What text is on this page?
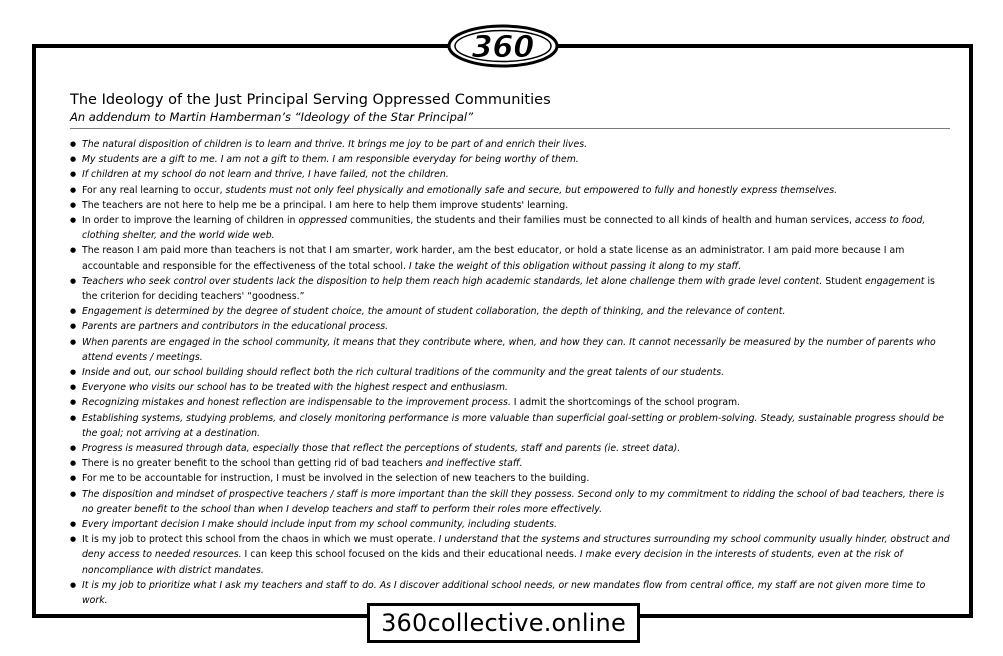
360
The Ideology of the Just Principal Serving Oppressed Communities
An addendum to Martin Hamberman’s “Ideology of the Star Principal”
● The natural disposition of children is to learn and thrive. It brings me joy to be part of and enrich their lives.
● My students are a gift to me. I am not a gift to them. I am responsible everyday for being worthy of them.
● If children at my school do not learn and thrive, I have failed, not the children.
● For any real learning to occur, students must not only feel physically and emotionally safe and secure, but empowered to fully and honestly express themselves.
● The teachers are not here to help me be a principal. I am here to help them improve students' learning.
● In order to improve the learning of children in oppressed communities, the students and their families must be connected to all kinds of health and human services, access to food, clothing shelter, and the world wide web.
● The reason I am paid more than teachers is not that I am smarter, work harder, am the best educator, or hold a state license as an administrator. I am paid more because I am accountable and responsible for the effectiveness of the total school. I take the weight of this obligation without passing it along to my staff.
● Teachers who seek control over students lack the disposition to help them reach high academic standards, let alone challenge them with grade level content. Student engagement is the criterion for deciding teachers' “goodness.”
● Engagement is determined by the degree of student choice, the amount of student collaboration, the depth of thinking, and the relevance of content.
● Parents are partners and contributors in the educational process.
● When parents are engaged in the school community, it means that they contribute where, when, and how they can. It cannot necessarily be measured by the number of parents who attend events / meetings.
● Inside and out, our school building should reflect both the rich cultural traditions of the community and the great talents of our students.
● Everyone who visits our school has to be treated with the highest respect and enthusiasm.
● Recognizing mistakes and honest reflection are indispensable to the improvement process. I admit the shortcomings of the school program.
● Establishing systems, studying problems, and closely monitoring performance is more valuable than superficial goal-setting or problem-solving. Steady, sustainable progress should be the goal; not arriving at a destination.
● Progress is measured through data, especially those that reflect the perceptions of students, staff and parents (ie. street data).
● There is no greater benefit to the school than getting rid of bad teachers and ineffective staff.
● For me to be accountable for instruction, I must be involved in the selection of new teachers to the building.
● The disposition and mindset of prospective teachers / staff is more important than the skill they possess. Second only to my commitment to ridding the school of bad teachers, there is no greater benefit to the school than when I develop teachers and staff to perform their roles more effectively.
● Every important decision I make should include input from my school community, including students.
● It is my job to protect this school from the chaos in which we must operate. I understand that the systems and structures surrounding my school community usually hinder, obstruct and deny access to needed resources. I can keep this school focused on the kids and their educational needs. I make every decision in the interests of students, even at the risk of noncompliance with district mandates.
● It is my job to prioritize what I ask my teachers and staff to do. As I discover additional school needs, or new mandates flow from central office, my staff are not given more time to work.
360collective.online
